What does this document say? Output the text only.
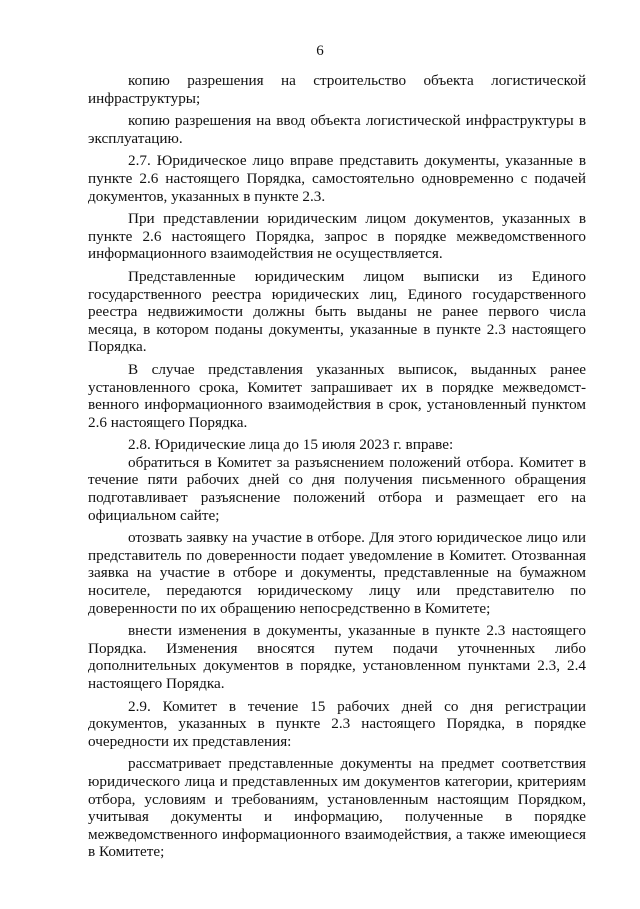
6

копию разрешения на строительство объекта логистической инфраструктуры;

копию разрешения на ввод объекта логистической инфраструктуры в эксплуатацию.

2.7. Юридическое лицо вправе представить документы, указанные в пункте 2.6 настоящего Порядка, самостоятельно одновременно с подачей документов, указанных в пункте 2.3.

При представлении юридическим лицом документов, указанных в пункте 2.6 настоящего Порядка, запрос в порядке межведомственного информационного взаимодействия не осуществляется.

Представленные юридическим лицом выписки из Единого государственного реестра юридических лиц, Единого государственного реестра недвижимости должны быть выданы не ранее первого числа месяца, в котором поданы документы, указанные в пункте 2.3 настоящего Порядка.

В случае представления указанных выписок, выданных ранее установленного срока, Комитет запрашивает их в порядке межведомст-венного информационного взаимодействия в срок, установленный пунктом 2.6 настоящего Порядка.

2.8. Юридические лица до 15 июля 2023 г. вправе:

обратиться в Комитет за разъяснением положений отбора. Комитет в течение пяти рабочих дней со дня получения письменного обращения подготавливает разъяснение положений отбора и размещает его на официальном сайте;

отозвать заявку на участие в отборе. Для этого юридическое лицо или представитель по доверенности подает уведомление в Комитет. Отозванная заявка на участие в отборе и документы, представленные на бумажном носителе, передаются юридическому лицу или представителю по доверенности по их обращению непосредственно в Комитете;

внести изменения в документы, указанные в пункте 2.3 настоящего Порядка. Изменения вносятся путем подачи уточненных либо дополнительных документов в порядке, установленном пунктами 2.3, 2.4 настоящего Порядка.

2.9. Комитет в течение 15 рабочих дней со дня регистрации документов, указанных в пункте 2.3 настоящего Порядка, в порядке очередности их представления:

рассматривает представленные документы на предмет соответствия юридического лица и представленных им документов категории, критериям отбора, условиям и требованиям, установленным настоящим Порядком, учитывая документы и информацию, полученные в порядке межведомственного информационного взаимодействия, а также имеющиеся в Комитете;
